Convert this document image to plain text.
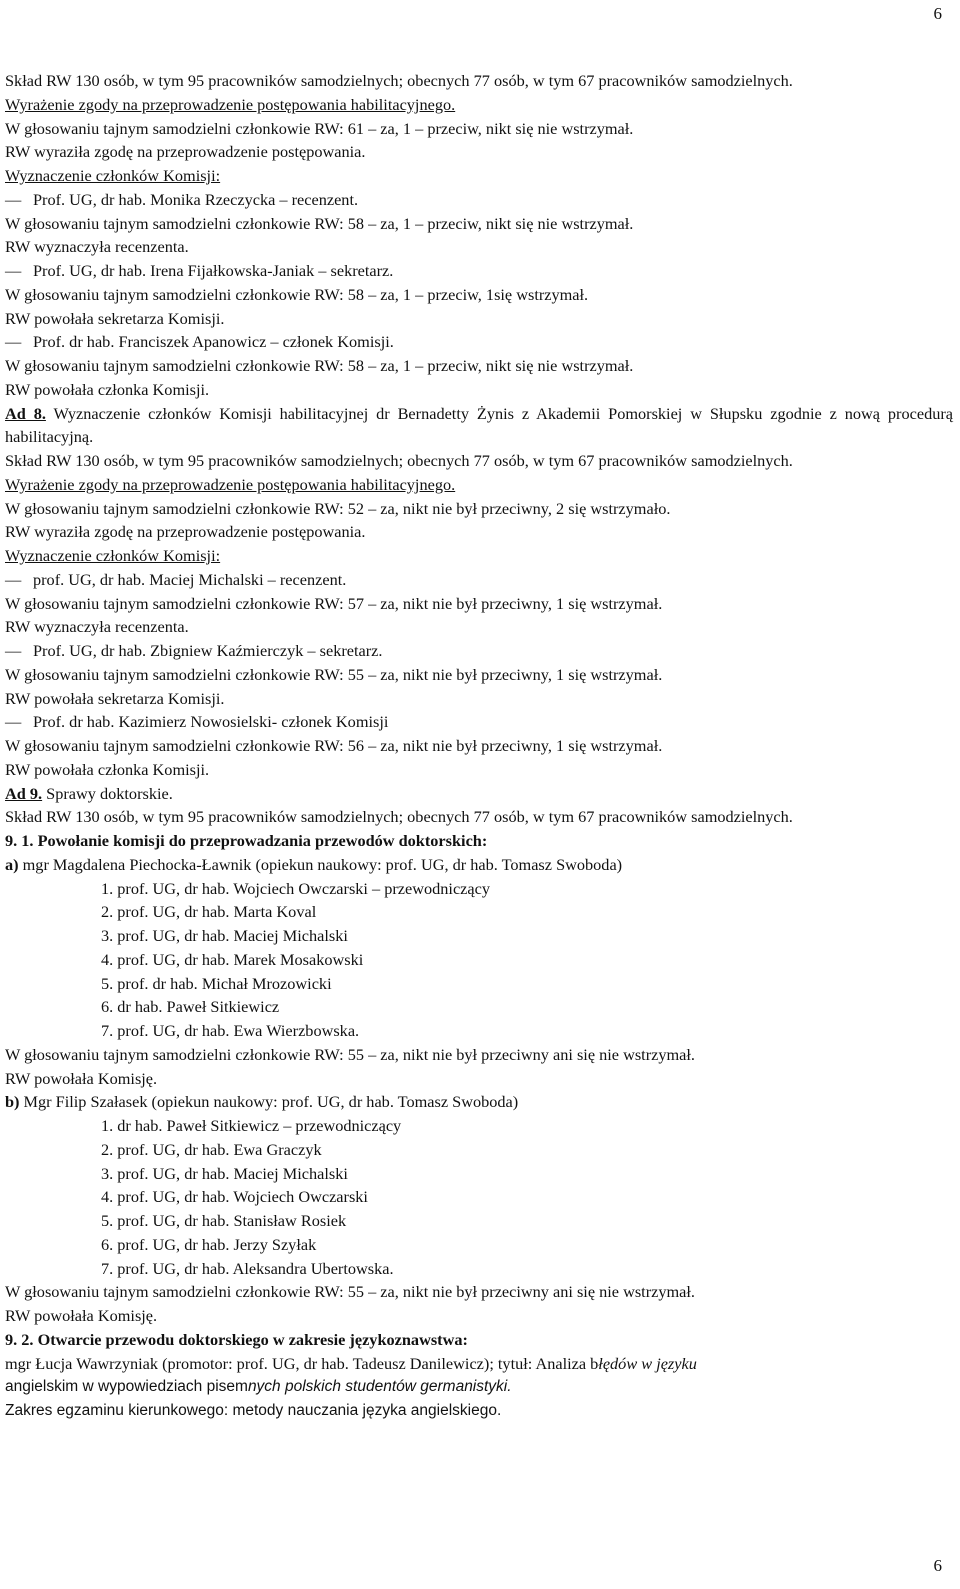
6
Skład RW 130 osób, w tym 95 pracowników samodzielnych; obecnych 77 osób, w tym 67 pracowników samodzielnych.
Wyrażenie zgody na przeprowadzenie postępowania habilitacyjnego.
W głosowaniu tajnym samodzielni członkowie RW: 61 – za, 1 – przeciw, nikt się nie wstrzymał.
RW wyraziła zgodę na przeprowadzenie postępowania.
Wyznaczenie członków Komisji:
— Prof. UG, dr hab. Monika Rzeczycka – recenzent.
W głosowaniu tajnym samodzielni członkowie RW: 58 – za, 1 – przeciw, nikt się nie wstrzymał.
RW wyznaczyła recenzenta.
— Prof. UG, dr hab. Irena Fijałkowska-Janiak – sekretarz.
W głosowaniu tajnym samodzielni członkowie RW: 58 – za, 1 – przeciw, 1się wstrzymał.
RW powołała sekretarza Komisji.
— Prof. dr hab. Franciszek Apanowicz – członek Komisji.
W głosowaniu tajnym samodzielni członkowie RW: 58 – za, 1 – przeciw, nikt się nie wstrzymał.
RW powołała członka Komisji.
Ad 8. Wyznaczenie członków Komisji habilitacyjnej dr Bernadetty Żynis z Akademii Pomorskiej w Słupsku zgodnie z nową procedurą habilitacyjną.
Skład RW 130 osób, w tym 95 pracowników samodzielnych; obecnych 77 osób, w tym 67 pracowników samodzielnych.
Wyrażenie zgody na przeprowadzenie postępowania habilitacyjnego.
W głosowaniu tajnym samodzielni członkowie RW: 52 – za, nikt nie był przeciwny, 2 się wstrzymało.
RW wyraziła zgodę na przeprowadzenie postępowania.
Wyznaczenie członków Komisji:
— prof. UG, dr hab. Maciej Michalski – recenzent.
W głosowaniu tajnym samodzielni członkowie RW: 57 – za, nikt nie był przeciwny, 1 się wstrzymał.
RW wyznaczyła recenzenta.
— Prof. UG, dr hab. Zbigniew Kaźmierczyk – sekretarz.
W głosowaniu tajnym samodzielni członkowie RW: 55 – za, nikt nie był przeciwny, 1 się wstrzymał.
RW powołała sekretarza Komisji.
— Prof. dr hab. Kazimierz Nowosielski- członek Komisji
W głosowaniu tajnym samodzielni członkowie RW: 56 – za, nikt nie był przeciwny, 1 się wstrzymał.
RW powołała członka Komisji.
Ad 9. Sprawy doktorskie.
Skład RW 130 osób, w tym 95 pracowników samodzielnych; obecnych 77 osób, w tym 67 pracowników samodzielnych.
9. 1. Powołanie komisji do przeprowadzania przewodów doktorskich:
a) mgr Magdalena Piechocka-Ławnik (opiekun naukowy: prof. UG, dr hab. Tomasz Swoboda)
1. prof. UG, dr hab. Wojciech Owczarski – przewodniczący
2. prof. UG, dr hab. Marta Koval
3. prof. UG, dr hab. Maciej Michalski
4. prof. UG, dr hab. Marek Mosakowski
5. prof. dr hab. Michał Mrozowicki
6. dr hab. Paweł Sitkiewicz
7. prof. UG, dr hab. Ewa Wierzbowska.
W głosowaniu tajnym samodzielni członkowie RW: 55 – za, nikt nie był przeciwny ani się nie wstrzymał.
RW powołała Komisję.
b) Mgr Filip Szałasek (opiekun naukowy: prof. UG, dr hab. Tomasz Swoboda)
1. dr hab. Paweł Sitkiewicz – przewodniczący
2. prof. UG, dr hab. Ewa Graczyk
3. prof. UG, dr hab. Maciej Michalski
4. prof. UG, dr hab. Wojciech Owczarski
5. prof. UG, dr hab. Stanisław Rosiek
6. prof. UG, dr hab. Jerzy Szyłak
7. prof. UG, dr hab. Aleksandra Ubertowska.
W głosowaniu tajnym samodzielni członkowie RW: 55 – za, nikt nie był przeciwny ani się nie wstrzymał.
RW powołała Komisję.
9. 2. Otwarcie przewodu doktorskiego w zakresie językoznawstwa:
mgr Łucja Wawrzyniak (promotor: prof. UG, dr hab. Tadeusz Danilewicz); tytuł: Analiza błędów w języku
angielskim w wypowiedziach pisemnych polskich studentów germanistyki.
Zakres egzaminu kierunkowego: metody nauczania języka angielskiego.
6
